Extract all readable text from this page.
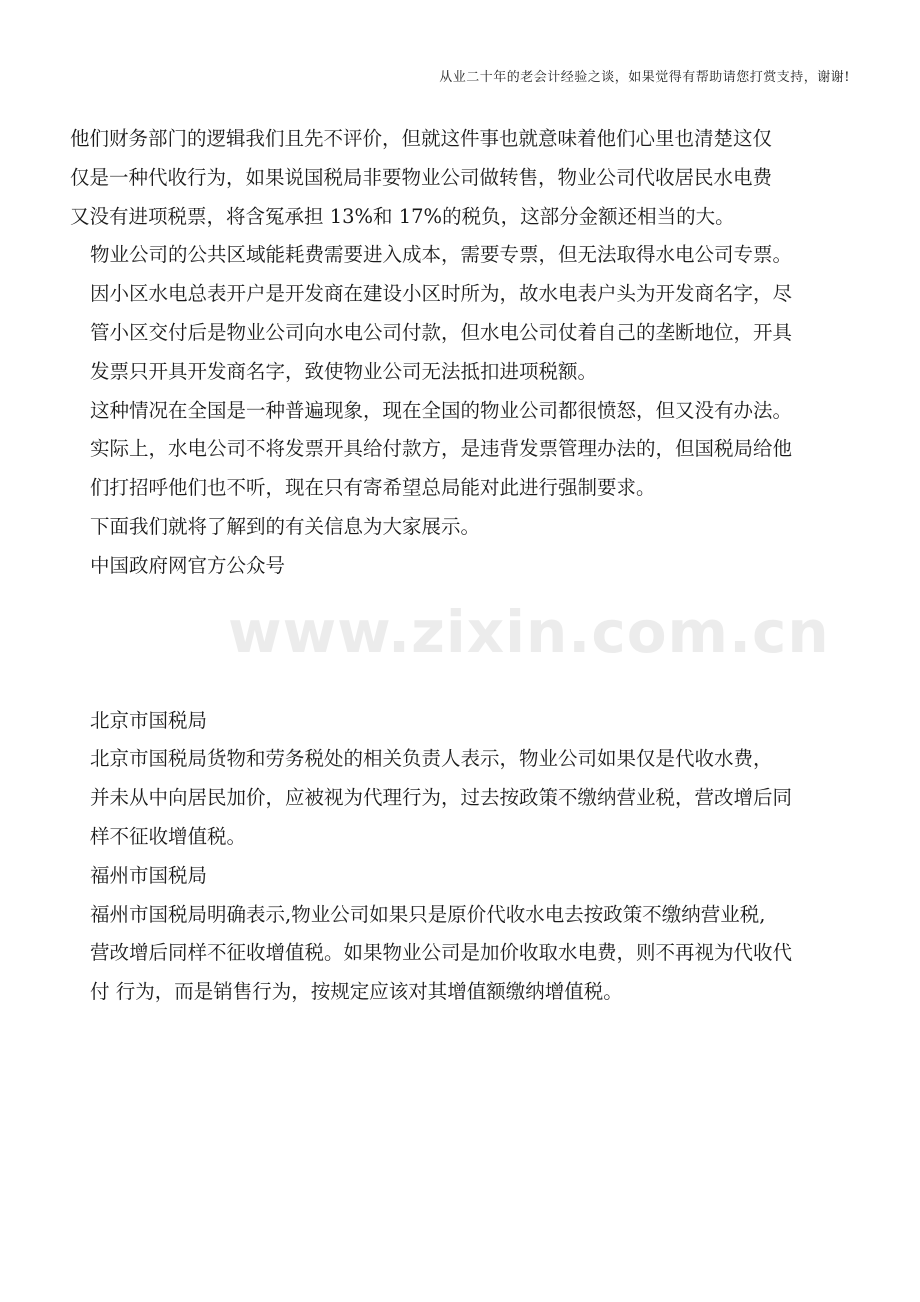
从业二十年的老会计经验之谈，如果觉得有帮助请您打赏支持，谢谢!
www.zixin.com.cn

他们财务部门的逻辑我们且先不评价，但就这件事也就意味着他们心里也清楚这仅
仅是一种代收行为，如果说国税局非要物业公司做转售，物业公司代收居民水电费
又没有进项税票，将含冤承担 13%和 17%的税负，这部分金额还相当的大。

物业公司的公共区域能耗费需要进入成本，需要专票，但无法取得水电公司专票。
因小区水电总表开户是开发商在建设小区时所为，故水电表户头为开发商名字，尽
管小区交付后是物业公司向水电公司付款，但水电公司仗着自己的垄断地位，开具
发票只开具开发商名字，致使物业公司无法抵扣进项税额。

这种情况在全国是一种普遍现象，现在全国的物业公司都很愤怒，但又没有办法。
实际上，水电公司不将发票开具给付款方，是违背发票管理办法的，但国税局给他
们打招呼他们也不听，现在只有寄希望总局能对此进行强制要求。

下面我们就将了解到的有关信息为大家展示。

中国政府网官方公众号

北京市国税局

北京市国税局货物和劳务税处的相关负责人表示，物业公司如果仅是代收水费，
并未从中向居民加价，应被视为代理行为，过去按政策不缴纳营业税，营改增后同
样不征收增值税。

福州市国税局

福州市国税局明确表示,物业公司如果只是原价代收水电去按政策不缴纳营业税,
营改增后同样不征收增值税。如果物业公司是加价收取水电费，则不再视为代收代
付 行为，而是销售行为，按规定应该对其增值额缴纳增值税。
